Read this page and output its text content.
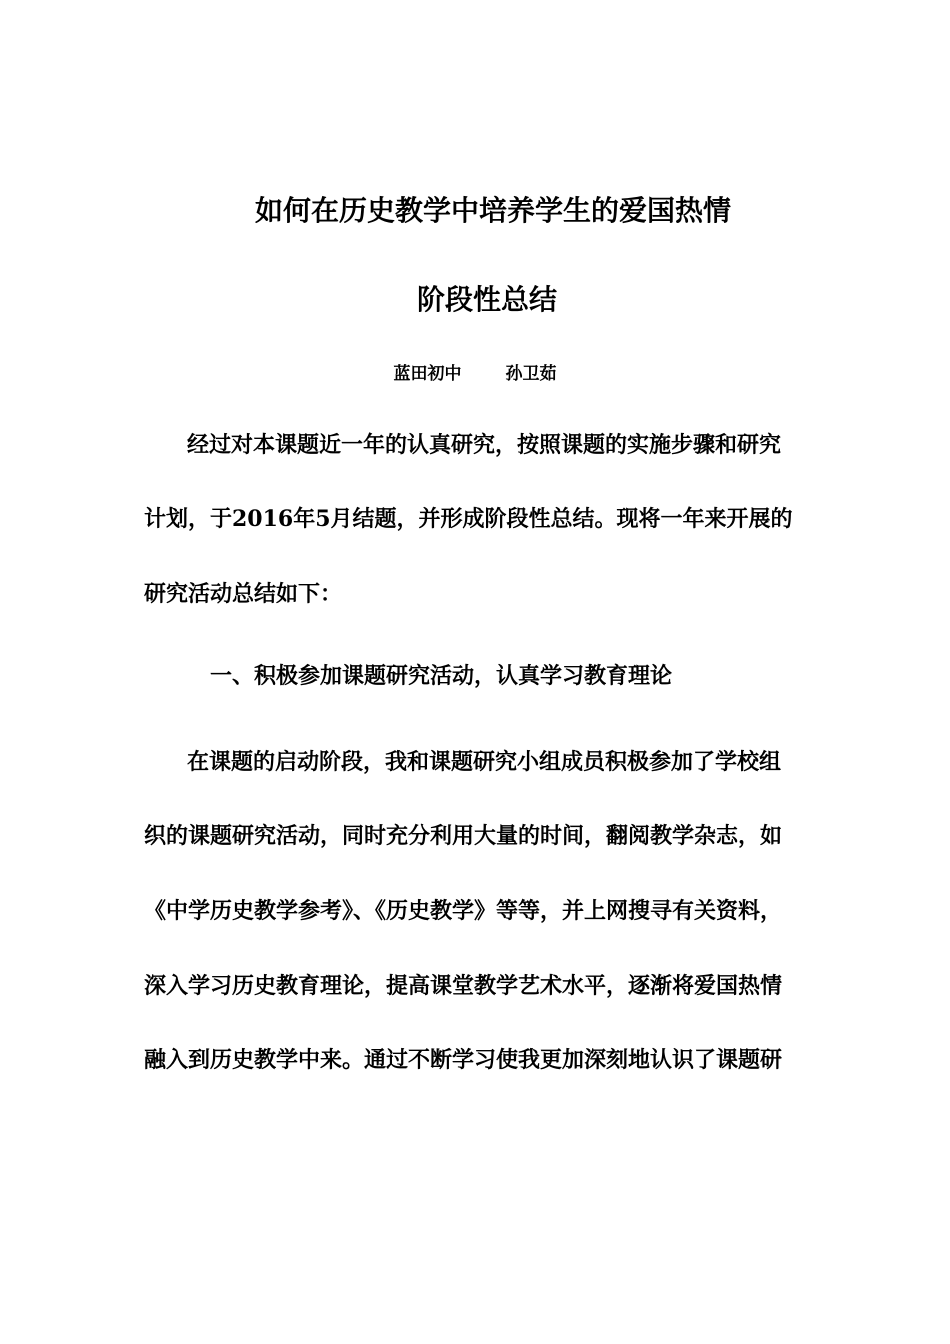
如何在历史教学中培养学生的爱国热情
阶段性总结
蓝田初中	孙卫茹
经过对本课题近一年的认真研究，按照课题的实施步骤和研究
计划，于2016年5月结题，并形成阶段性总结。现将一年来开展的
研究活动总结如下：
一、积极参加课题研究活动，认真学习教育理论
在课题的启动阶段，我和课题研究小组成员积极参加了学校组
织的课题研究活动，同时充分利用大量的时间，翻阅教学杂志，如
《中学历史教学参考》、《历史教学》等等，并上网搜寻有关资料，
深入学习历史教育理论，提高课堂教学艺术水平，逐渐将爱国热情
融入到历史教学中来。通过不断学习使我更加深刻地认识了课题研
